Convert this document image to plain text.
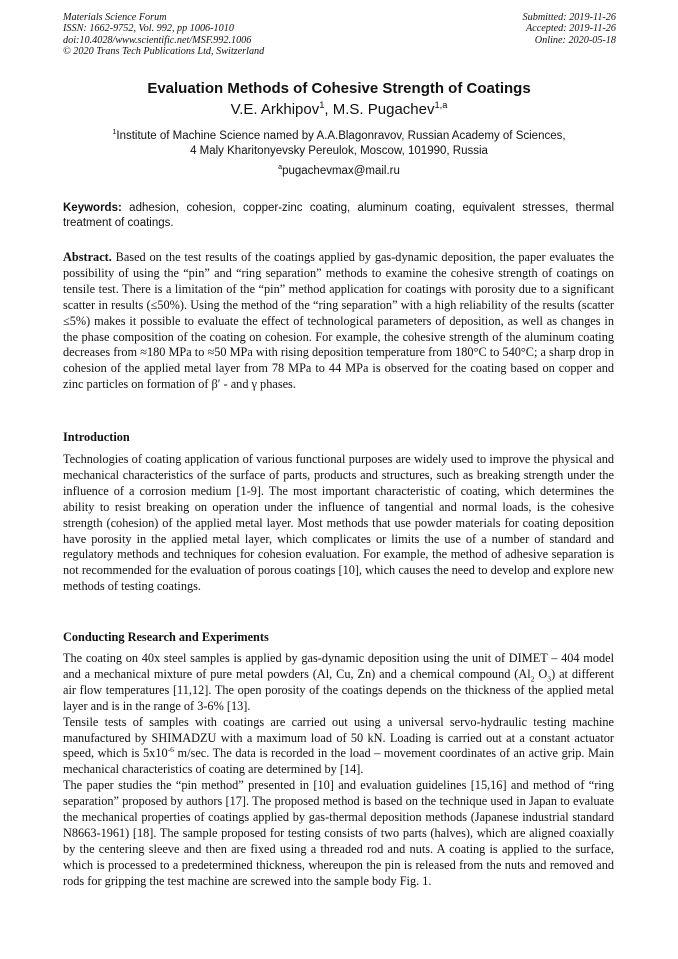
Materials Science Forum
ISSN: 1662-9752, Vol. 992, pp 1006-1010
doi:10.4028/www.scientific.net/MSF.992.1006
© 2020 Trans Tech Publications Ltd, Switzerland
Submitted: 2019-11-26
Accepted: 2019-11-26
Online: 2020-05-18
Evaluation Methods of Cohesive Strength of Coatings
V.E. Arkhipov$^1$, M.S. Pugachev$^{1,a}$
$^1$Institute of Machine Science named by A.A.Blagonravov, Russian Academy of Sciences,
4 Maly Kharitonyevsky Pereulok, Moscow, 101990, Russia
$^a$pugachevmax@mail.ru
Keywords: adhesion, cohesion, copper-zinc coating, aluminum coating, equivalent stresses, thermal treatment of coatings.
Abstract. Based on the test results of the coatings applied by gas-dynamic deposition, the paper evaluates the possibility of using the “pin” and “ring separation” methods to examine the cohesive strength of coatings on tensile test. There is a limitation of the “pin” method application for coatings with porosity due to a significant scatter in results (≤50%). Using the method of the “ring separation” with a high reliability of the results (scatter ≤5%) makes it possible to evaluate the effect of technological parameters of deposition, as well as changes in the phase composition of the coating on cohesion. For example, the cohesive strength of the aluminum coating decreases from ≈180 MPa to ≈50 MPa with rising deposition temperature from 180°C to 540°C; a sharp drop in cohesion of the applied metal layer from 78 MPa to 44 MPa is observed for the coating based on copper and zinc particles on formation of β′ - and γ phases.
Introduction
Technologies of coating application of various functional purposes are widely used to improve the physical and mechanical characteristics of the surface of parts, products and structures, such as breaking strength under the influence of a corrosion medium [1-9]. The most important characteristic of coating, which determines the ability to resist breaking on operation under the influence of tangential and normal loads, is the cohesive strength (cohesion) of the applied metal layer. Most methods that use powder materials for coating deposition have porosity in the applied metal layer, which complicates or limits the use of a number of standard and regulatory methods and techniques for cohesion evaluation. For example, the method of adhesive separation is not recommended for the evaluation of porous coatings [10], which causes the need to develop and explore new methods of testing coatings.
Conducting Research and Experiments

The coating on 40x steel samples is applied by gas-dynamic deposition using the unit of DIMET – 404 model and a mechanical mixture of pure metal powders (Al, Cu, Zn) and a chemical compound ($Al_2$ $O_3$) at different air flow temperatures [11,12]. The open porosity of the coatings depends on the thickness of the applied metal layer and is in the range of 3-6% [13].

Tensile tests of samples with coatings are carried out using a universal servo-hydraulic testing machine manufactured by SHIMADZU with a maximum load of 50 kN. Loading is carried out at a constant actuator speed, which is $5x10^{-6}$ m/sec. The data is recorded in the load – movement coordinates of an active grip. Main mechanical characteristics of coating are determined by [14].

The paper studies the “pin method” presented in [10] and evaluation guidelines [15,16] and method of “ring separation” proposed by authors [17]. The proposed method is based on the technique used in Japan to evaluate the mechanical properties of coatings applied by gas-thermal deposition methods (Japanese industrial standard N8663-1961) [18]. The sample proposed for testing consists of two parts (halves), which are aligned coaxially by the centering sleeve and then are fixed using a threaded rod and nuts. A coating is applied to the surface, which is processed to a predetermined thickness, whereupon the pin is released from the nuts and removed and rods for gripping the test machine are screwed into the sample body Fig. 1.
